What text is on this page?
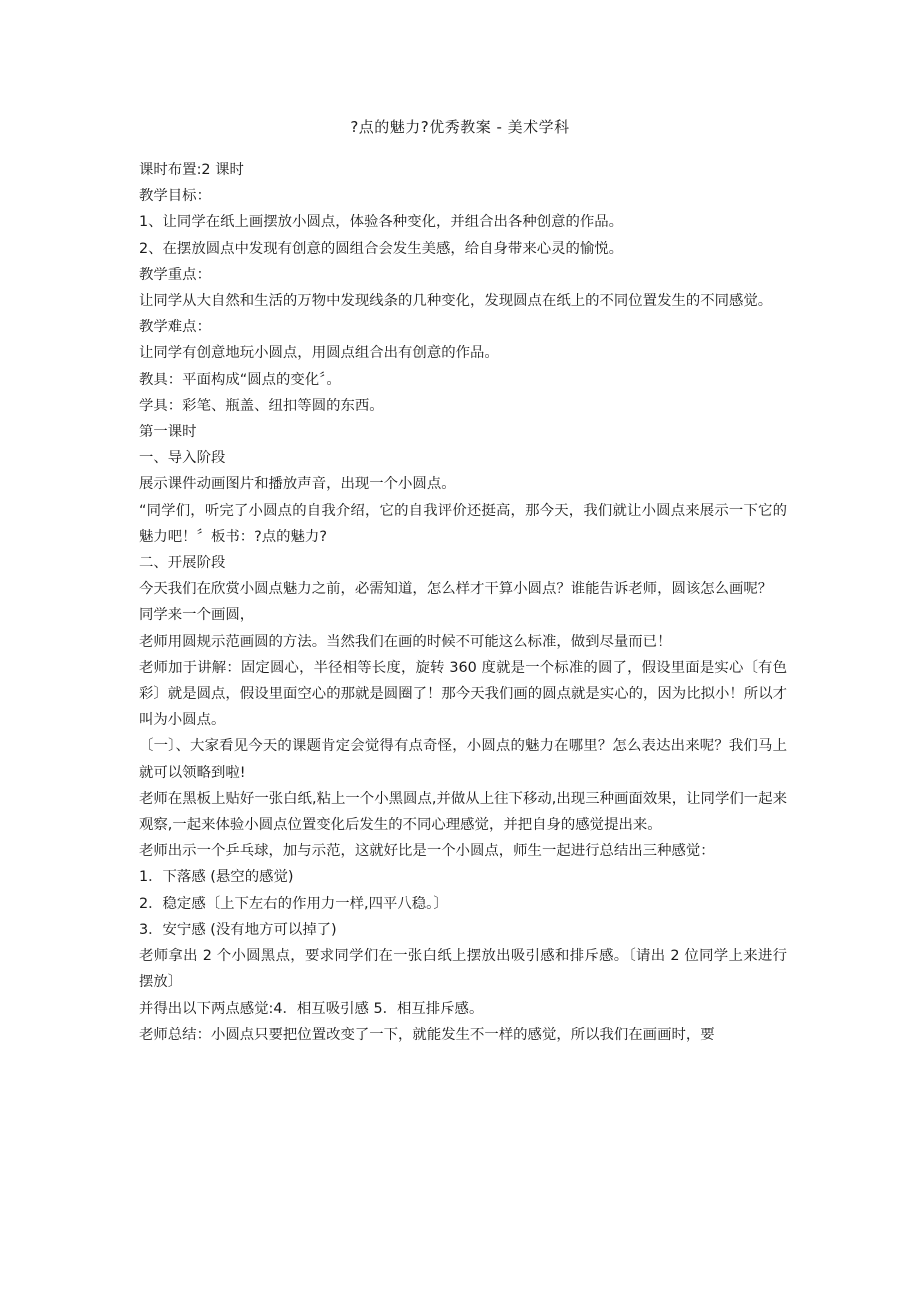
?点的魅力?优秀教案 - 美术学科

课时布置:2 课时

教学目标：

1、让同学在纸上画摆放小圆点，体验各种变化，并组合出各种创意的作品。

2、在摆放圆点中发现有创意的圆组合会发生美感，给自身带来心灵的愉悦。

教学重点：

让同学从大自然和生活的万物中发现线条的几种变化，发现圆点在纸上的不同位置发生的不同感觉。

教学难点：

让同学有创意地玩小圆点，用圆点组合出有创意的作品。

教具：平面构成“圆点的变化〞。

学具：彩笔、瓶盖、纽扣等圆的东西。

第一课时

一、导入阶段

展示课件动画图片和播放声音，出现一个小圆点。

“同学们，听完了小圆点的自我介绍，它的自我评价还挺高，那今天，我们就让小圆点来展示一下它的魅力吧！〞板书：?点的魅力?

二、开展阶段

今天我们在欣赏小圆点魅力之前，必需知道，怎么样才干算小圆点？谁能告诉老师，圆该怎么画呢？

同学来一个画圆，

老师用圆规示范画圆的方法。当然我们在画的时候不可能这么标准，做到尽量而已！

老师加于讲解：固定圆心，半径相等长度，旋转 360 度就是一个标准的圆了，假设里面是实心〔有色彩〕就是圆点，假设里面空心的那就是圆圈了！那今天我们画的圆点就是实心的，因为比拟小！所以才叫为小圆点。

〔一〕、大家看见今天的课题肯定会觉得有点奇怪，小圆点的魅力在哪里？怎么表达出来呢？我们马上就可以领略到啦!

老师在黑板上贴好一张白纸,粘上一个小黑圆点,并做从上往下移动,出现三种画面效果，让同学们一起来观察,一起来体验小圆点位置变化后发生的不同心理感觉，并把自身的感觉提出来。

老师出示一个乒乓球，加与示范，这就好比是一个小圆点，师生一起进行总结出三种感觉：

1．下落感 (悬空的感觉)

2．稳定感〔上下左右的作用力一样,四平八稳。〕

3．安宁感 (没有地方可以掉了)

老师拿出 2 个小圆黑点，要求同学们在一张白纸上摆放出吸引感和排斥感。〔请出 2 位同学上来进行摆放〕

并得出以下两点感觉:4．相互吸引感 5．相互排斥感。

老师总结：小圆点只要把位置改变了一下，就能发生不一样的感觉，所以我们在画画时，要
